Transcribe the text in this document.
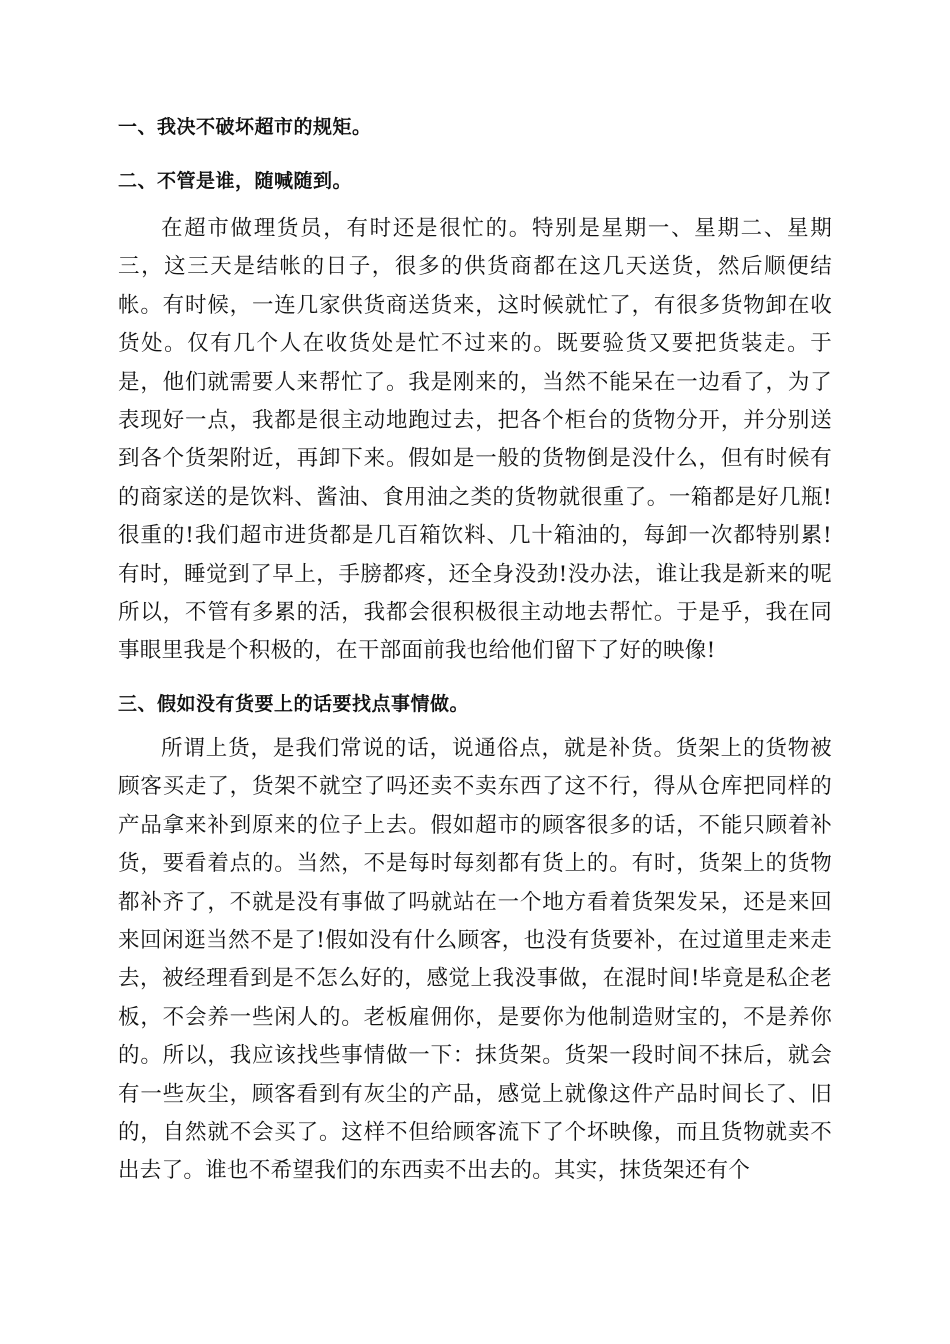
一、我决不破坏超市的规矩。

二、不管是谁，随喊随到。

在超市做理货员，有时还是很忙的。特别是星期一、星期二、星期三，这三天是结帐的日子，很多的供货商都在这几天送货，然后顺便结帐。有时候，一连几家供货商送货来，这时候就忙了，有很多货物卸在收货处。仅有几个人在收货处是忙不过来的。既要验货又要把货装走。于是，他们就需要人来帮忙了。我是刚来的，当然不能呆在一边看了，为了表现好一点，我都是很主动地跑过去，把各个柜台的货物分开，并分别送到各个货架附近，再卸下来。假如是一般的货物倒是没什么，但有时候有的商家送的是饮料、酱油、食用油之类的货物就很重了。一箱都是好几瓶!很重的!我们超市进货都是几百箱饮料、几十箱油的，每卸一次都特别累!有时，睡觉到了早上，手膀都疼，还全身没劲!没办法，谁让我是新来的呢所以，不管有多累的活，我都会很积极很主动地去帮忙。于是乎，我在同事眼里我是个积极的，在干部面前我也给他们留下了好的映像!

三、假如没有货要上的话要找点事情做。

所谓上货，是我们常说的话，说通俗点，就是补货。货架上的货物被顾客买走了，货架不就空了吗还卖不卖东西了这不行，得从仓库把同样的产品拿来补到原来的位子上去。假如超市的顾客很多的话，不能只顾着补货，要看着点的。当然，不是每时每刻都有货上的。有时，货架上的货物都补齐了，不就是没有事做了吗就站在一个地方看着货架发呆，还是来回来回闲逛当然不是了!假如没有什么顾客，也没有货要补，在过道里走来走去，被经理看到是不怎么好的，感觉上我没事做，在混时间!毕竟是私企老板，不会养一些闲人的。老板雇佣你，是要你为他制造财宝的，不是养你的。所以，我应该找些事情做一下：抹货架。货架一段时间不抹后，就会有一些灰尘，顾客看到有灰尘的产品，感觉上就像这件产品时间长了、旧的，自然就不会买了。这样不但给顾客流下了个坏映像，而且货物就卖不出去了。谁也不希望我们的东西卖不出去的。其实，抹货架还有个
